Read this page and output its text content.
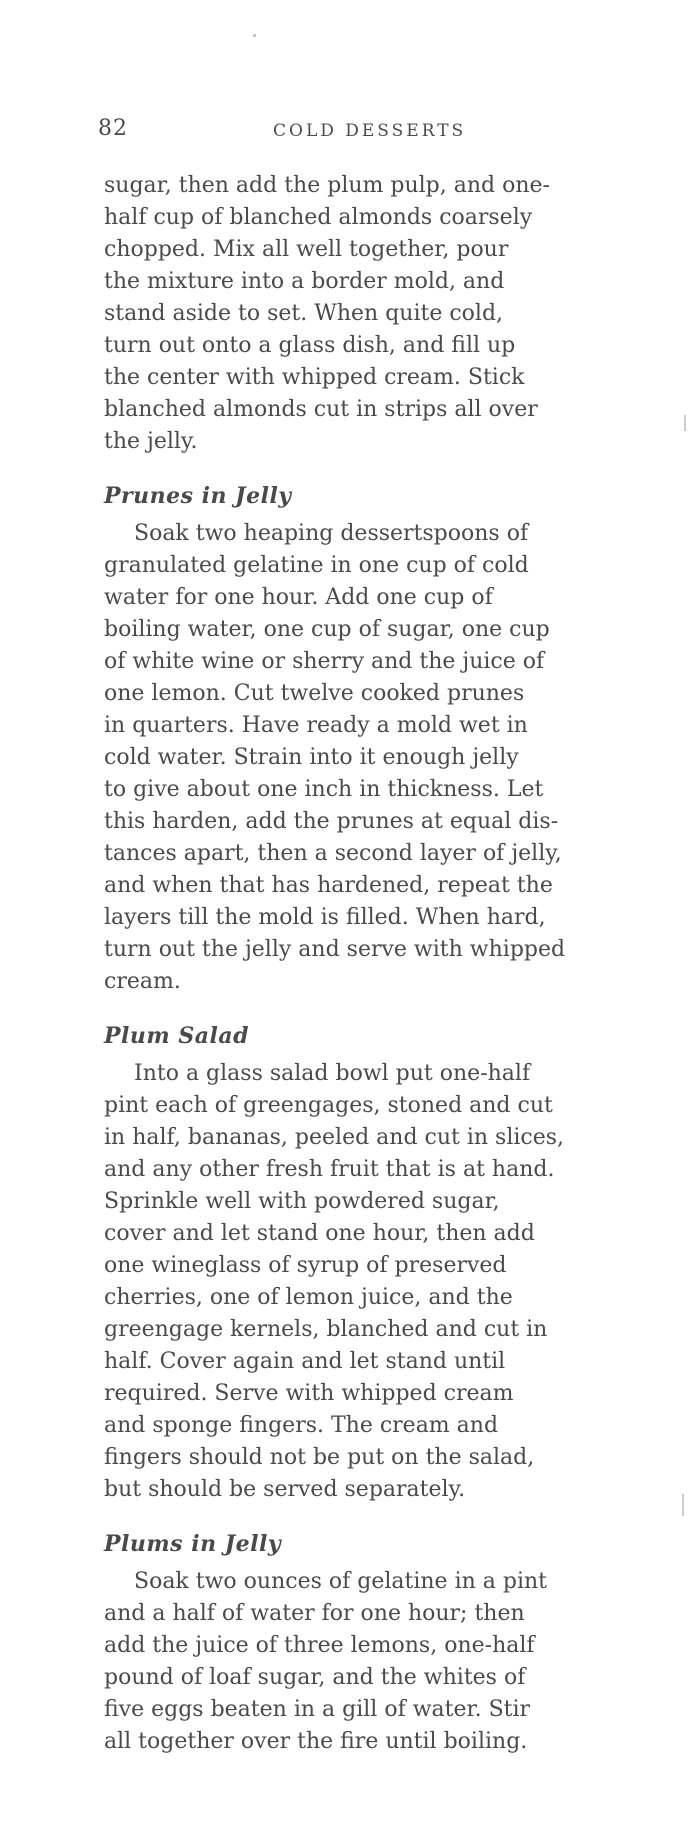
82	COLD DESSERTS

sugar, then add the plum pulp, and one-
half cup of blanched almonds coarsely
chopped. Mix all well together, pour
the mixture into a border mold, and
stand aside to set. When quite cold,
turn out onto a glass dish, and fill up
the center with whipped cream. Stick
blanched almonds cut in strips all over
the jelly.

Prunes in Jelly

Soak two heaping dessertspoons of
granulated gelatine in one cup of cold
water for one hour. Add one cup of
boiling water, one cup of sugar, one cup
of white wine or sherry and the juice of
one lemon. Cut twelve cooked prunes
in quarters. Have ready a mold wet in
cold water. Strain into it enough jelly
to give about one inch in thickness. Let
this harden, add the prunes at equal dis-
tances apart, then a second layer of jelly,
and when that has hardened, repeat the
layers till the mold is filled. When hard,
turn out the jelly and serve with whipped
cream.

Plum Salad

Into a glass salad bowl put one-half
pint each of greengages, stoned and cut
in half, bananas, peeled and cut in slices,
and any other fresh fruit that is at hand.
Sprinkle well with powdered sugar,
cover and let stand one hour, then add
one wineglass of syrup of preserved
cherries, one of lemon juice, and the
greengage kernels, blanched and cut in
half. Cover again and let stand until
required. Serve with whipped cream
and sponge fingers. The cream and
fingers should not be put on the salad,
but should be served separately.

Plums in Jelly

Soak two ounces of gelatine in a pint
and a half of water for one hour; then
add the juice of three lemons, one-half
pound of loaf sugar, and the whites of
five eggs beaten in a gill of water. Stir
all together over the fire until boiling.
